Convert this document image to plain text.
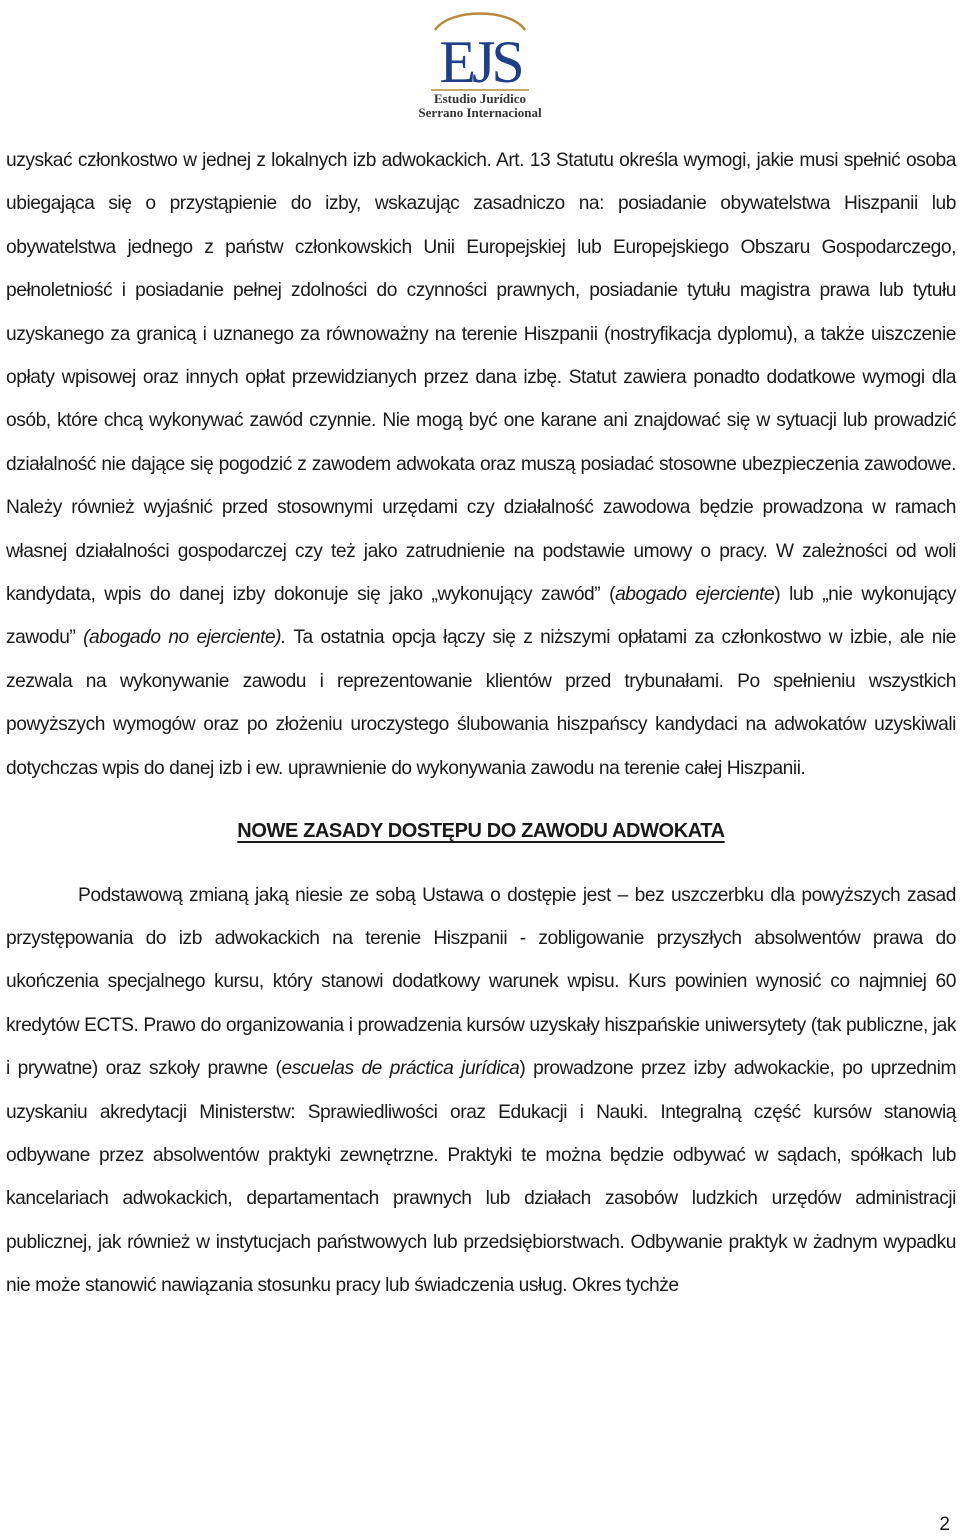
EJS
Estudio Jurídico
Serrano Internacional

uzyskać członkostwo w jednej z lokalnych izb adwokackich. Art. 13 Statutu określa wymogi, jakie musi spełnić osoba ubiegająca się o przystąpienie do izby, wskazując zasadniczo na: posiadanie obywatelstwa Hiszpanii lub obywatelstwa jednego z państw członkowskich Unii Europejskiej lub Europejskiego Obszaru Gospodarczego, pełnoletniość i posiadanie pełnej zdolności do czynności prawnych, posiadanie tytułu magistra prawa lub tytułu uzyskanego za granicą i uznanego za równoważny na terenie Hiszpanii (nostryfikacja dyplomu), a także uiszczenie opłaty wpisowej oraz innych opłat przewidzianych przez dana izbę. Statut zawiera ponadto dodatkowe wymogi dla osób, które chcą wykonywać zawód czynnie. Nie mogą być one karane ani znajdować się w sytuacji lub prowadzić działalność nie dające się pogodzić z zawodem adwokata oraz muszą posiadać stosowne ubezpieczenia zawodowe. Należy również wyjaśnić przed stosownymi urzędami czy działalność zawodowa będzie prowadzona w ramach własnej działalności gospodarczej czy też jako zatrudnienie na podstawie umowy o pracy. W zależności od woli kandydata, wpis do danej izby dokonuje się jako „wykonujący zawód” (abogado ejerciente) lub „nie wykonujący zawodu” (abogado no ejerciente). Ta ostatnia opcja łączy się z niższymi opłatami za członkostwo w izbie, ale nie zezwala na wykonywanie zawodu i reprezentowanie klientów przed trybunałami. Po spełnieniu wszystkich powyższych wymogów oraz po złożeniu uroczystego ślubowania hiszpańscy kandydaci na adwokatów uzyskiwali dotychczas wpis do danej izb i ew. uprawnienie do wykonywania zawodu na terenie całej Hiszpanii.

NOWE ZASADY DOSTĘPU DO ZAWODU ADWOKATA

Podstawową zmianą jaką niesie ze sobą Ustawa o dostępie jest – bez uszczerbku dla powyższych zasad przystępowania do izb adwokackich na terenie Hiszpanii - zobligowanie przyszłych absolwentów prawa do ukończenia specjalnego kursu, który stanowi dodatkowy warunek wpisu. Kurs powinien wynosić co najmniej 60 kredytów ECTS. Prawo do organizowania i prowadzenia kursów uzyskały hiszpańskie uniwersytety (tak publiczne, jak i prywatne) oraz szkoły prawne (escuelas de práctica jurídica) prowadzone przez izby adwokackie, po uprzednim uzyskaniu akredytacji Ministerstw: Sprawiedliwości oraz Edukacji i Nauki. Integralną część kursów stanowią odbywane przez absolwentów praktyki zewnętrzne. Praktyki te można będzie odbywać w sądach, spółkach lub kancelariach adwokackich, departamentach prawnych lub działach zasobów ludzkich urzędów administracji publicznej, jak również w instytucjach państwowych lub przedsiębiorstwach. Odbywanie praktyk w żadnym wypadku nie może stanowić nawiązania stosunku pracy lub świadczenia usług. Okres tychże

2
